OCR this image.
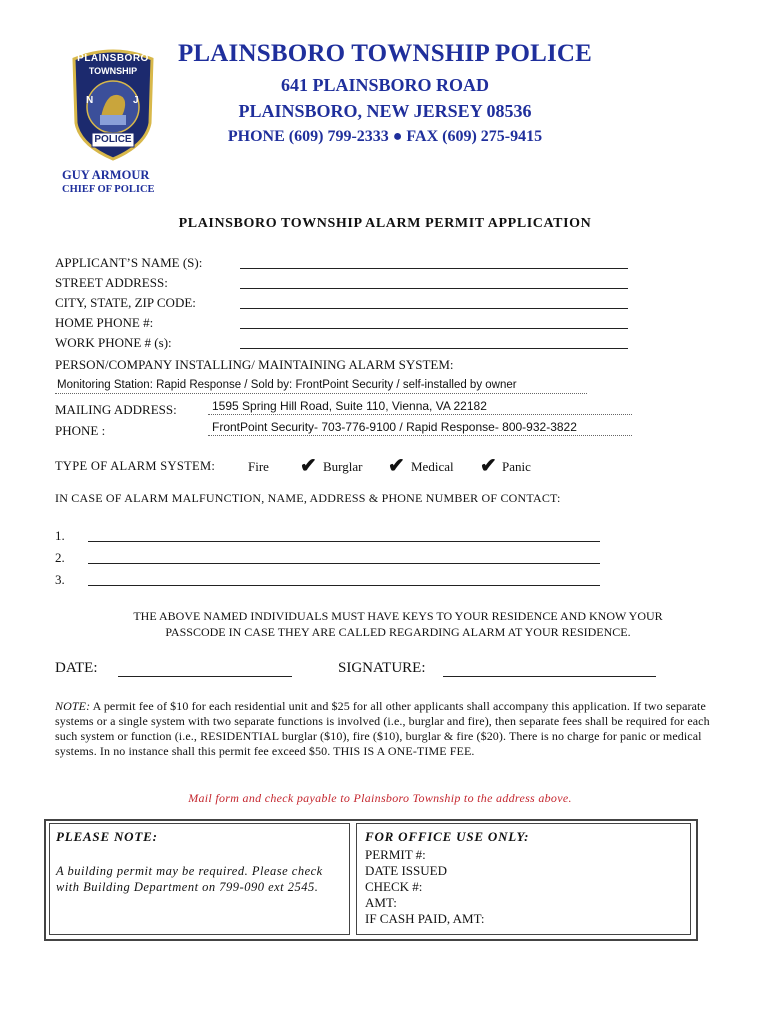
PLAINSBORO
TOWNSHIP
N	J
POLICE
PLAINSBORO TOWNSHIP POLICE
641 PLAINSBORO ROAD
PLAINSBORO, NEW JERSEY 08536
PHONE (609) 799-2333 ● FAX (609) 275-9415
GUY ARMOUR
CHIEF OF POLICE
PLAINSBORO TOWNSHIP ALARM PERMIT APPLICATION
APPLICANT’S NAME (S):
STREET ADDRESS:
CITY, STATE, ZIP CODE:
HOME PHONE #:
WORK PHONE # (s):
PERSON/COMPANY INSTALLING/ MAINTAINING ALARM SYSTEM:
Monitoring Station: Rapid Response / Sold by: FrontPoint Security / self-installed by owner
MAILING ADDRESS:	1595 Spring Hill Road, Suite 110, Vienna, VA 22182
PHONE :	FrontPoint Security- 703-776-9100 / Rapid Response- 800-932-3822
TYPE OF ALARM SYSTEM:	Fire ✔ Burglar ✔ Medical ✔ Panic
IN CASE OF ALARM MALFUNCTION, NAME, ADDRESS & PHONE NUMBER OF CONTACT:
1.
2.
3.
THE ABOVE NAMED INDIVIDUALS MUST HAVE KEYS TO YOUR RESIDENCE AND KNOW YOUR
PASSCODE IN CASE THEY ARE CALLED REGARDING ALARM AT YOUR RESIDENCE.
DATE:	SIGNATURE:
NOTE: A permit fee of $10 for each residential unit and $25 for all other applicants shall accompany this application. If two separate systems or a single system with two separate functions is involved (i.e., burglar and fire), then separate fees shall be required for each such system or function (i.e., RESIDENTIAL burglar ($10), fire ($10), burglar & fire ($20). There is no charge for panic or medical systems. In no instance shall this permit fee exceed $50. THIS IS A ONE-TIME FEE.
Mail form and check payable to Plainsboro Township to the address above.
PLEASE NOTE:
A building permit may be required. Please check with Building Department on 799-090 ext 2545.
FOR OFFICE USE ONLY:
PERMIT #:
DATE ISSUED
CHECK #:
AMT:
IF CASH PAID, AMT:
